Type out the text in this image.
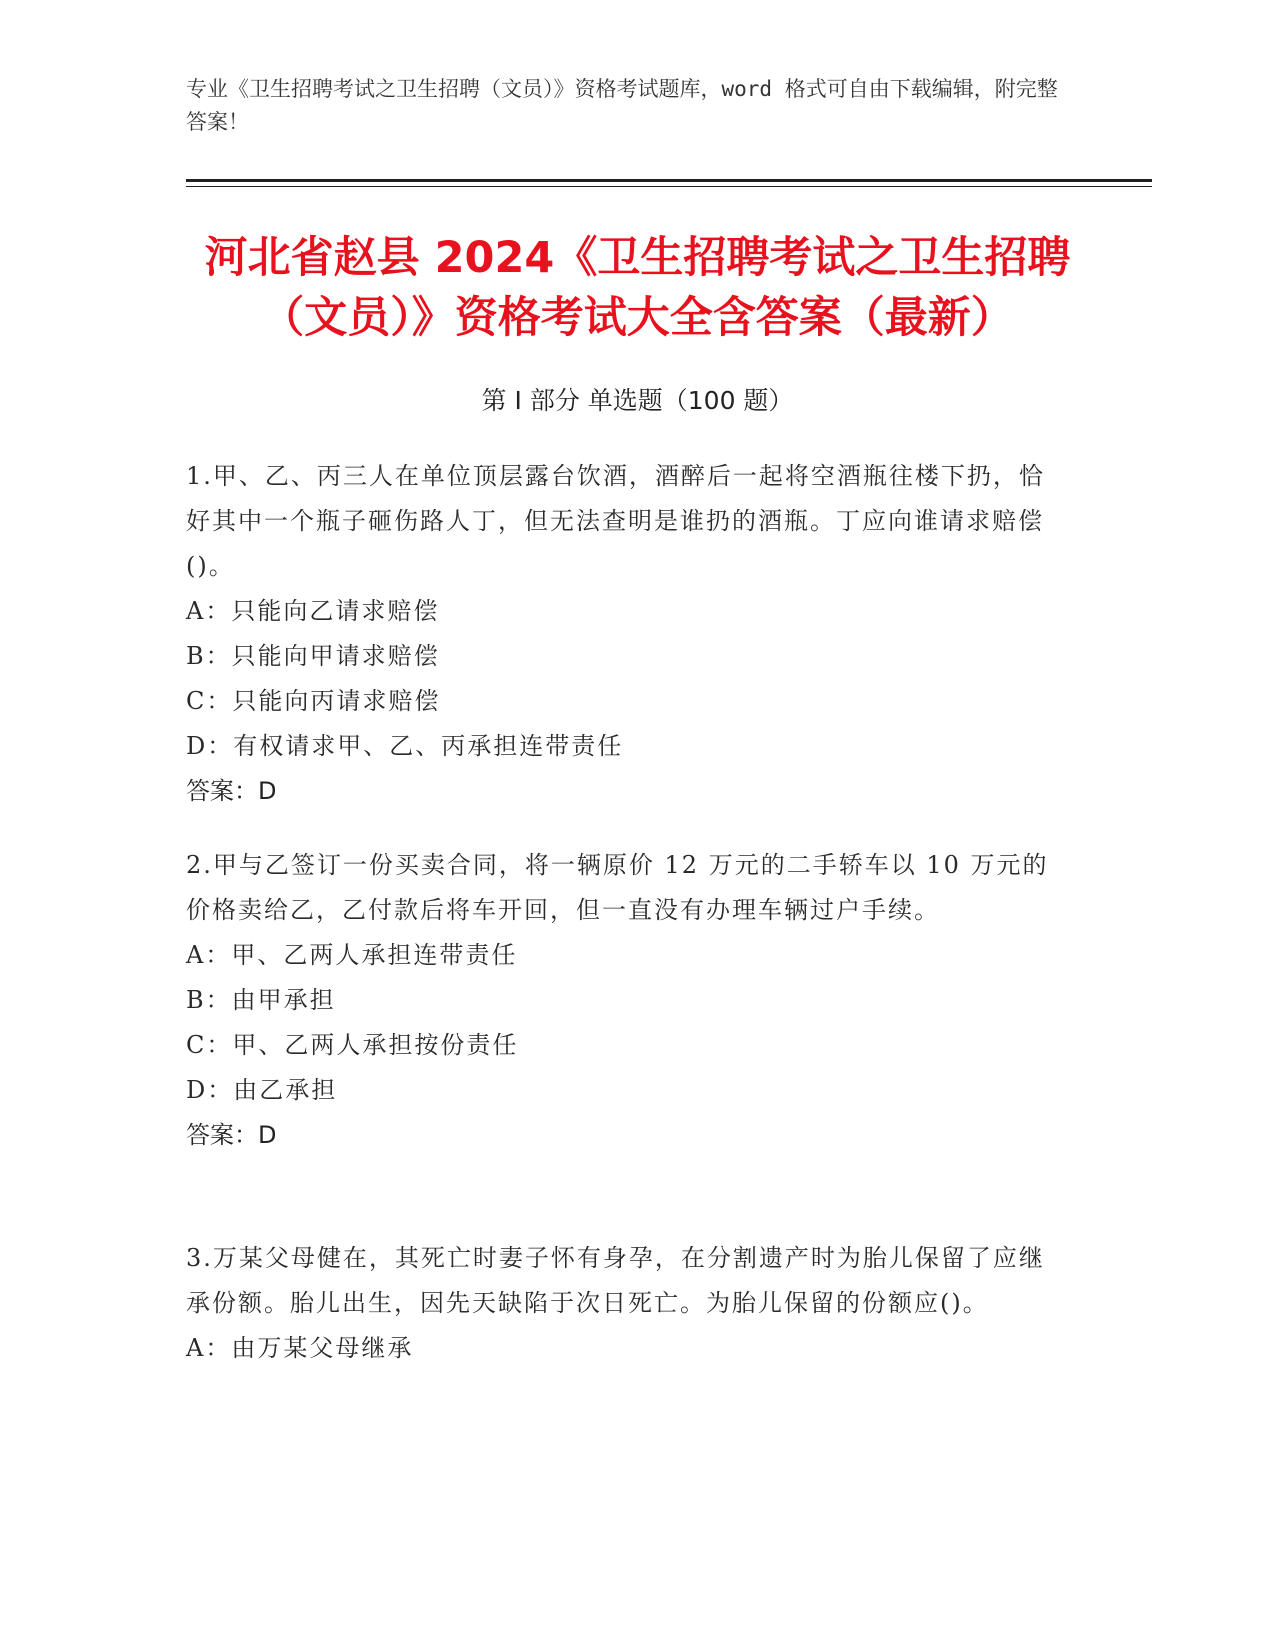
专业《卫生招聘考试之卫生招聘（文员）》资格考试题库，word 格式可自由下载编辑，附完整答案！
河北省赵县 2024《卫生招聘考试之卫生招聘
（文员）》资格考试大全含答案（最新）
第 I 部分 单选题（100 题）
1.甲、乙、丙三人在单位顶层露台饮酒，酒醉后一起将空酒瓶往楼下扔，恰好其中一个瓶子砸伤路人丁，但无法查明是谁扔的酒瓶。丁应向谁请求赔偿()。
A：只能向乙请求赔偿
B：只能向甲请求赔偿
C：只能向丙请求赔偿
D：有权请求甲、乙、丙承担连带责任
答案：D
2.甲与乙签订一份买卖合同，将一辆原价 12 万元的二手轿车以 10 万元的价格卖给乙，乙付款后将车开回，但一直没有办理车辆过户手续。
A：甲、乙两人承担连带责任
B：由甲承担
C：甲、乙两人承担按份责任
D：由乙承担
答案：D
3.万某父母健在，其死亡时妻子怀有身孕，在分割遗产时为胎儿保留了应继承份额。胎儿出生，因先天缺陷于次日死亡。为胎儿保留的份额应()。
A：由万某父母继承
